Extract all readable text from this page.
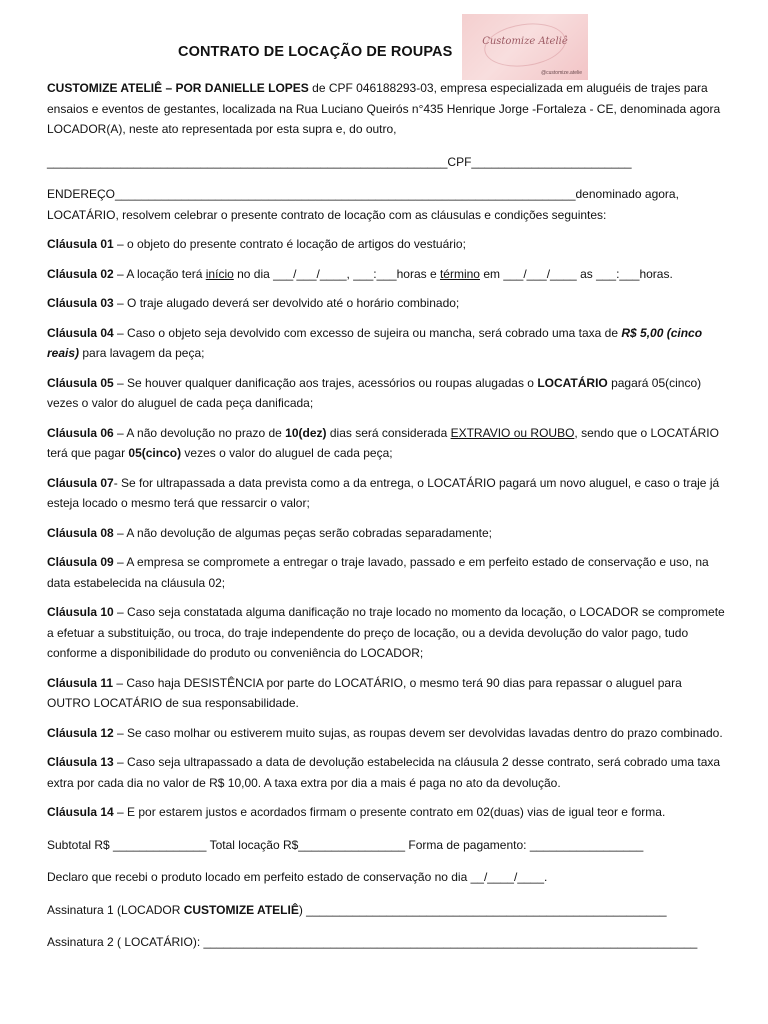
CONTRATO DE LOCAÇÃO DE ROUPAS
Customize Ateliê
@customize.atelie

CUSTOMIZE ATELIÊ – POR DANIELLE LOPES de CPF 046188293-03, empresa especializada em aluguéis de trajes para ensaios e eventos de gestantes, localizada na Rua Luciano Queirós n°435 Henrique Jorge -Fortaleza - CE, denominada agora LOCADOR(A), neste ato representada por esta supra e, do outro,

____________________________________________________________CPF________________________

ENDEREÇO_____________________________________________________________________denominado agora,
LOCATÁRIO, resolvem celebrar o presente contrato de locação com as cláusulas e condições seguintes:

Cláusula 01 – o objeto do presente contrato é locação de artigos do vestuário;

Cláusula 02 – A locação terá início no dia ___/___/____, ___:___horas e término em ___/___/____ as ___:___horas.

Cláusula 03 – O traje alugado deverá ser devolvido até o horário combinado;

Cláusula 04 – Caso o objeto seja devolvido com excesso de sujeira ou mancha, será cobrado uma taxa de R$ 5,00 (cinco reais) para lavagem da peça;

Cláusula 05 – Se houver qualquer danificação aos trajes, acessórios ou roupas alugadas o LOCATÁRIO pagará 05(cinco) vezes o valor do aluguel de cada peça danificada;

Cláusula 06 – A não devolução no prazo de 10(dez) dias será considerada EXTRAVIO ou ROUBO, sendo que o LOCATÁRIO terá que pagar 05(cinco) vezes o valor do aluguel de cada peça;

Cláusula 07- Se for ultrapassada a data prevista como a da entrega, o LOCATÁRIO pagará um novo aluguel, e caso o traje já esteja locado o mesmo terá que ressarcir o valor;

Cláusula 08 – A não devolução de algumas peças serão cobradas separadamente;

Cláusula 09 – A empresa se compromete a entregar o traje lavado, passado e em perfeito estado de conservação e uso, na data estabelecida na cláusula 02;

Cláusula 10 – Caso seja constatada alguma danificação no traje locado no momento da locação, o LOCADOR se compromete a efetuar a substituição, ou troca, do traje independente do preço de locação, ou a devida devolução do valor pago, tudo conforme a disponibilidade do produto ou conveniência do LOCADOR;

Cláusula 11 – Caso haja DESISTÊNCIA por parte do LOCATÁRIO, o mesmo terá 90 dias para repassar o aluguel para OUTRO LOCATÁRIO de sua responsabilidade.

Cláusula 12 – Se caso molhar ou estiverem muito sujas, as roupas devem ser devolvidas lavadas dentro do prazo combinado.

Cláusula 13 – Caso seja ultrapassado a data de devolução estabelecida na cláusula 2 desse contrato, será cobrado uma taxa extra por cada dia no valor de R$ 10,00. A taxa extra por dia a mais é paga no ato da devolução.

Cláusula 14 – E por estarem justos e acordados firmam o presente contrato em 02(duas) vias de igual teor e forma.

Subtotal R$ ______________ Total locação R$________________ Forma de pagamento: _________________

Declaro que recebi o produto locado em perfeito estado de conservação no dia __/____/____.

Assinatura 1 (LOCADOR CUSTOMIZE ATELIÊ) ______________________________________________________

Assinatura 2 ( LOCATÁRIO): __________________________________________________________________________
